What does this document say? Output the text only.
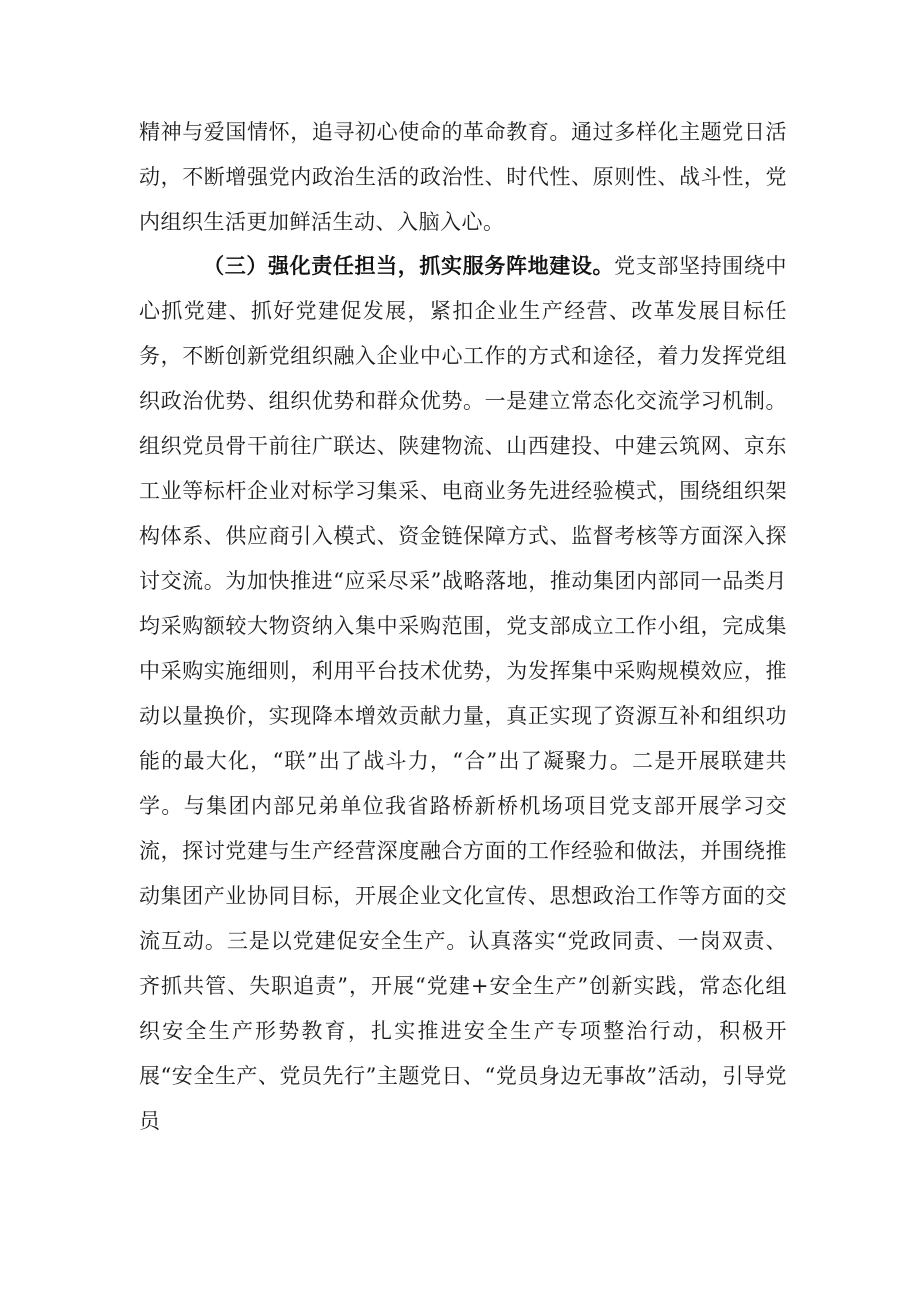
精神与爱国情怀，追寻初心使命的革命教育。通过多样化主题党日活动，不断增强党内政治生活的政治性、时代性、原则性、战斗性，党内组织生活更加鲜活生动、入脑入心。
（三）强化责任担当，抓实服务阵地建设。党支部坚持围绕中心抓党建、抓好党建促发展，紧扣企业生产经营、改革发展目标任务，不断创新党组织融入企业中心工作的方式和途径，着力发挥党组织政治优势、组织优势和群众优势。一是建立常态化交流学习机制。组织党员骨干前往广联达、陕建物流、山西建投、中建云筑网、京东工业等标杆企业对标学习集采、电商业务先进经验模式，围绕组织架构体系、供应商引入模式、资金链保障方式、监督考核等方面深入探讨交流。为加快推进“应采尽采”战略落地，推动集团内部同一品类月均采购额较大物资纳入集中采购范围，党支部成立工作小组，完成集中采购实施细则，利用平台技术优势，为发挥集中采购规模效应，推动以量换价，实现降本增效贡献力量，真正实现了资源互补和组织功能的最大化，“联”出了战斗力，“合”出了凝聚力。二是开展联建共学。与集团内部兄弟单位我省路桥新桥机场项目党支部开展学习交流，探讨党建与生产经营深度融合方面的工作经验和做法，并围绕推动集团产业协同目标，开展企业文化宣传、思想政治工作等方面的交流互动。三是以党建促安全生产。认真落实“党政同责、一岗双责、齐抓共管、失职追责”，开展“党建+安全生产”创新实践，常态化组织安全生产形势教育，扎实推进安全生产专项整治行动，积极开展“安全生产、党员先行”主题党日、“党员身边无事故”活动，引导党员
